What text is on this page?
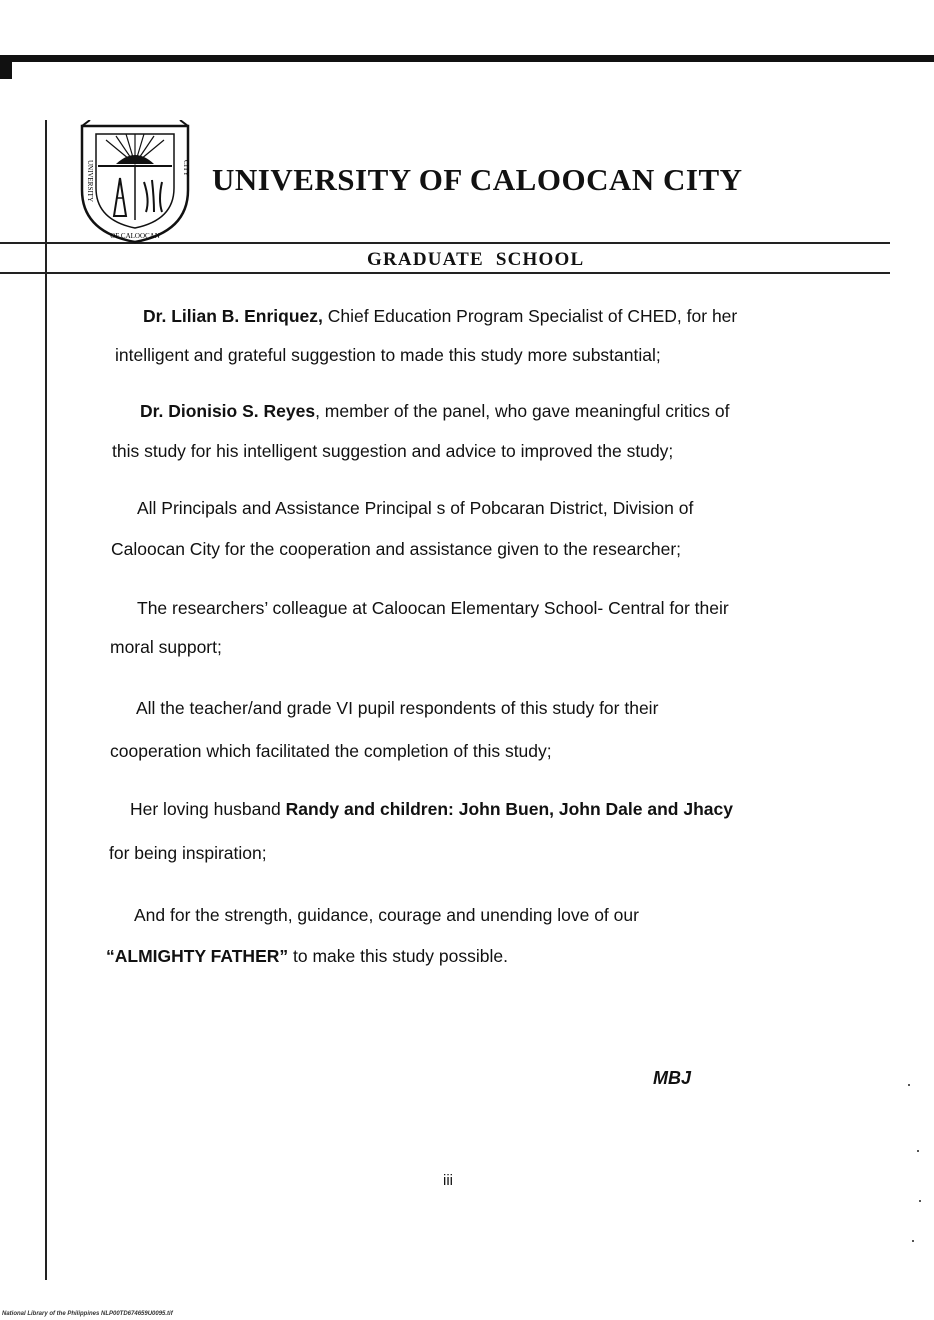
UNIVERSITY
OF CALOOCAN
CITY UNIVERSITY OF CALOOCAN CITY
GRADUATE  SCHOOL
Dr. Lilian B. Enriquez, Chief Education Program Specialist of CHED, for her
intelligent and grateful suggestion to made this study more substantial;
Dr. Dionisio S. Reyes, member of the panel, who gave meaningful critics of
this study for his intelligent suggestion and advice to improved the study;
All Principals and Assistance Principal s of Pobcaran District, Division of
Caloocan City for the cooperation and assistance given to the researcher;
The researchers’ colleague at Caloocan Elementary School- Central for their
moral support;
All the teacher/and grade VI pupil respondents of this study for their
cooperation which facilitated the completion of this study;
Her loving husband Randy and children: John Buen, John Dale and Jhacy
for being inspiration;
And for the strength, guidance, courage and unending love of our
“ALMIGHTY FATHER” to make this study possible.
MBJ
iii
National Library of the Philippines NLP00TD674659U0095.tif
